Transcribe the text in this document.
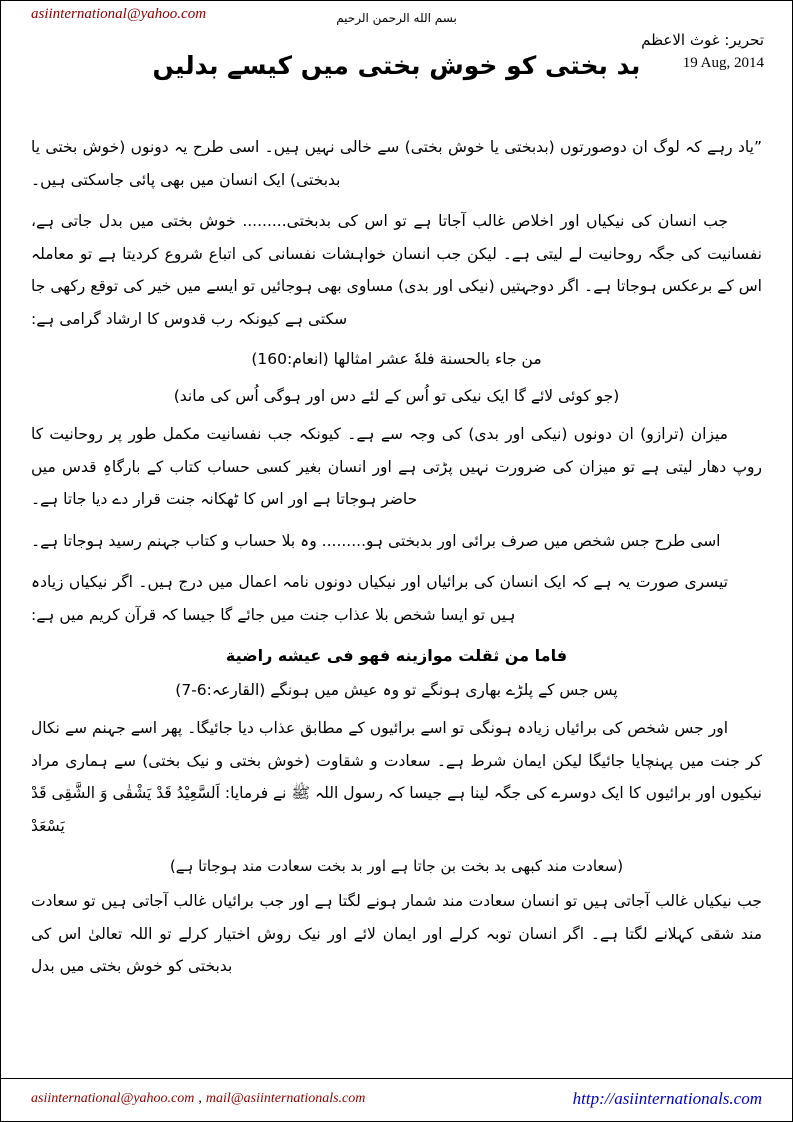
asiinternational@yahoo.com	بسم الله الرحمن الرحيم
تحریر: غوث الاعظم
19 Aug, 2014
بد بختی کو خوش بختی میں کیسے بدلیں

”یاد رہے کہ لوگ ان دوصورتوں (بدبختی یا خوش بختی) سے خالی نہیں ہیں۔ اسی طرح یہ دونوں (خوش بختی یا بدبختی) ایک انسان میں بھی پائی جاسکتی ہیں۔

جب انسان کی نیکیاں اور اخلاص غالب آجاتا ہے تو اس کی بدبختی......... خوش بختی میں بدل جاتی ہے، نفسانیت کی جگہ روحانیت لے لیتی ہے۔ لیکن جب انسان خواہشات نفسانی کی اتباع شروع کردیتا ہے تو معاملہ اس کے برعکس ہوجاتا ہے۔ اگر دوجہتیں (نیکی اور بدی) مساوی بھی ہوجائیں تو ایسے میں خیر کی توقع رکھی جا سکتی ہے کیونکہ رب قدوس کا ارشاد گرامی ہے:

من جاء بالحسنة فلهٗ عشر امثالها (انعام:160)

(جو کوئی لائے گا ایک نیکی تو اُس کے لئے دس اور ہوگی اُس کی ماند)

میزان (ترازو) ان دونوں (نیکی اور بدی) کی وجہ سے ہے۔ کیونکہ جب نفسانیت مکمل طور پر روحانیت کا روپ دھار لیتی ہے تو میزان کی ضرورت نہیں پڑتی ہے اور انسان بغیر کسی حساب کتاب کے بارگاہِ قدس میں حاضر ہوجاتا ہے اور اس کا ٹھکانہ جنت قرار دے دیا جاتا ہے۔

اسی طرح جس شخص میں صرف برائی اور بدبختی ہو......... وہ بلا حساب و کتاب جہنم رسید ہوجاتا ہے۔

تیسری صورت یہ ہے کہ ایک انسان کی برائیاں اور نیکیاں دونوں نامہ اعمال میں درج ہیں۔ اگر نیکیاں زیادہ ہیں تو ایسا شخص بلا عذاب جنت میں جائے گا جیسا کہ قرآن کریم میں ہے:

فاما من ثقلت موازينه فهو فى عيشه راضية

پس جس کے پلڑے بھاری ہونگے تو وہ عیش میں ہونگے (القارعہ:6-7)

اور جس شخص کی برائیاں زیادہ ہونگی تو اسے برائیوں کے مطابق عذاب دیا جائیگا۔ پھر اسے جہنم سے نکال کر جنت میں پہنچایا جائیگا لیکن ایمان شرط ہے۔ سعادت و شقاوت (خوش بختی و نیک بختی) سے ہماری مراد نیکیوں اور برائیوں کا ایک دوسرے کی جگہ لینا ہے جیسا کہ رسول اللہ ﷺ نے فرمایا: اَلسَّعِیْدُ قَدْ یَشْقٰی وَ الشَّقِی قَدْ یَسْعَدْ

(سعادت مند کبھی بد بخت بن جاتا ہے اور بد بخت سعادت مند ہوجاتا ہے)

جب نیکیاں غالب آجاتی ہیں تو انسان سعادت مند شمار ہونے لگتا ہے اور جب برائیاں غالب آجاتی ہیں تو سعادت مند شقی کہلانے لگتا ہے۔ اگر انسان توبہ کرلے اور ایمان لائے اور نیک روش اختیار کرلے تو اللہ تعالیٰ اس کی بدبختی کو خوش بختی میں بدل

asiinternational@yahoo.com , mail@asiinternationals.com	http://asiinternationals.com
